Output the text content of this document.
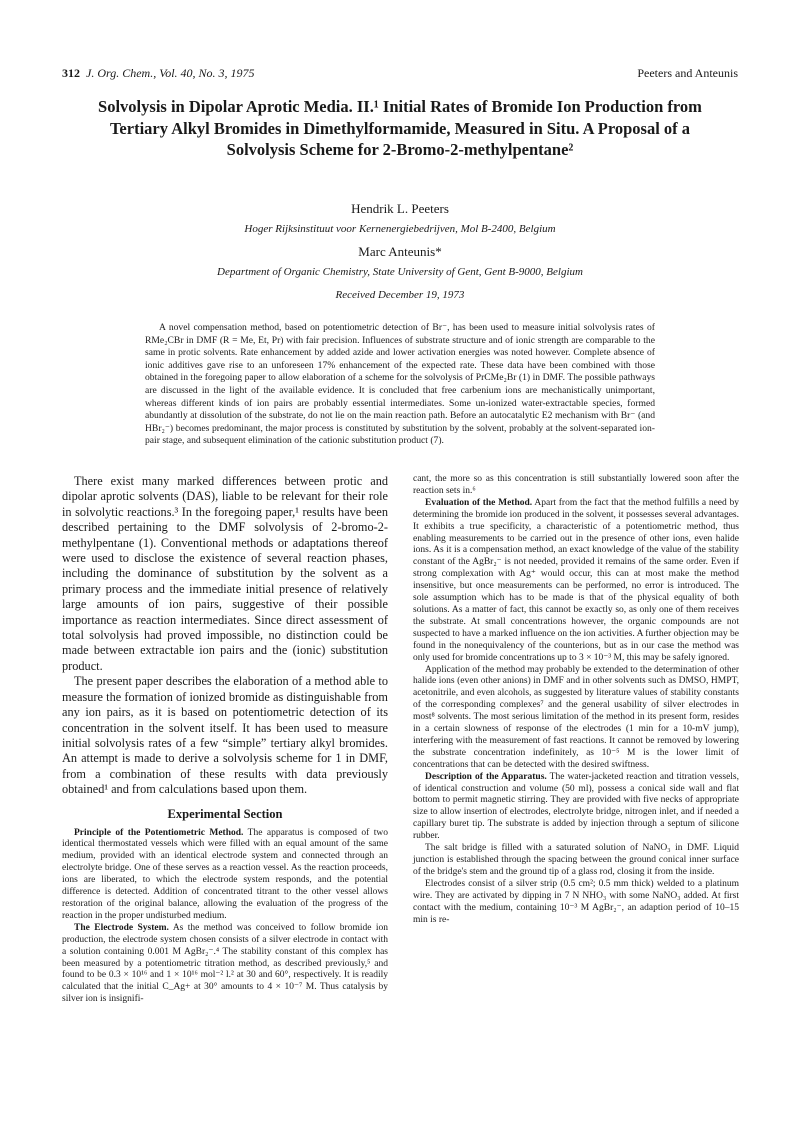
312 J. Org. Chem., Vol. 40, No. 3, 1975	Peeters and Anteunis
Solvolysis in Dipolar Aprotic Media. II.¹ Initial Rates of Bromide Ion Production from Tertiary Alkyl Bromides in Dimethylformamide, Measured in Situ. A Proposal of a Solvolysis Scheme for 2-Bromo-2-methylpentane²
Hendrik L. Peeters
Hoger Rijksinstituut voor Kernenergiebedrijven, Mol B-2400, Belgium
Marc Anteunis*
Department of Organic Chemistry, State University of Gent, Gent B-9000, Belgium
Received December 19, 1973

A novel compensation method, based on potentiometric detection of Br⁻, has been used to measure initial solvolysis rates of RMe₂CBr in DMF (R = Me, Et, Pr) with fair precision. Influences of substrate structure and of ionic strength are comparable to the same in protic solvents. Rate enhancement by added azide and lower activation energies was noted however. Complete absence of ionic additives gave rise to an unforeseen 17% enhancement of the expected rate. These data have been combined with those obtained in the foregoing paper to allow elaboration of a scheme for the solvolysis of PrCMe₂Br (1) in DMF. The possible pathways are discussed in the light of the available evidence. It is concluded that free carbenium ions are mechanistically unimportant, whereas different kinds of ion pairs are probably essential intermediates. Some un-ionized water-extractable species, formed abundantly at dissolution of the substrate, do not lie on the main reaction path. Before an autocatalytic E2 mechanism with Br⁻ (and HBr₂⁻) becomes predominant, the major process is constituted by substitution by the solvent, probably at the solvent-separated ion-pair stage, and subsequent elimination of the cationic substitution product (7).

There exist many marked differences between protic and dipolar aprotic solvents (DAS), liable to be relevant for their role in solvolytic reactions.³ In the foregoing paper,¹ results have been described pertaining to the DMF solvolysis of 2-bromo-2-methylpentane (1). Conventional methods or adaptations thereof were used to disclose the existence of several reaction phases, including the dominance of substitution by the solvent as a primary process and the immediate initial presence of relatively large amounts of ion pairs, suggestive of their possible importance as reaction intermediates. Since direct assessment of total solvolysis had proved impossible, no distinction could be made between extractable ion pairs and the (ionic) substitution product.

The present paper describes the elaboration of a method able to measure the formation of ionized bromide as distinguishable from any ion pairs, as it is based on potentiometric detection of its concentration in the solvent itself. It has been used to measure initial solvolysis rates of a few “simple” tertiary alkyl bromides. An attempt is made to derive a solvolysis scheme for 1 in DMF, from a combination of these results with data previously obtained¹ and from calculations based upon them.

Experimental Section

Principle of the Potentiometric Method. The apparatus is composed of two identical thermostated vessels which were filled with an equal amount of the same medium, provided with an identical electrode system and connected through an electrolyte bridge. One of these serves as a reaction vessel. As the reaction proceeds, ions are liberated, to which the electrode system responds, and the potential difference is detected. Addition of concentrated titrant to the other vessel allows restoration of the original balance, allowing the evaluation of the progress of the reaction in the proper undisturbed medium.

The Electrode System. As the method was conceived to follow bromide ion production, the electrode system chosen consists of a silver electrode in contact with a solution containing 0.001 M AgBr₂⁻.⁴ The stability constant of this complex has been measured by a potentiometric titration method, as described previously,⁵ and found to be 0.3 × 10¹⁶ and 1 × 10¹⁶ mol⁻² l.² at 30 and 60°, respectively. It is readily calculated that the initial C_Ag+ at 30° amounts to 4 × 10⁻⁷ M. Thus catalysis by silver ion is insignifi-

cant, the more so as this concentration is still substantially lowered soon after the reaction sets in.⁶

Evaluation of the Method. Apart from the fact that the method fulfills a need by determining the bromide ion produced in the solvent, it possesses several advantages. It exhibits a true specificity, a characteristic of a potentiometric method, thus enabling measurements to be carried out in the presence of other ions, even halide ions. As it is a compensation method, an exact knowledge of the value of the stability constant of the AgBr₂⁻ is not needed, provided it remains of the same order. Even if strong complexation with Ag⁺ would occur, this can at most make the method insensitive, but once measurements can be performed, no error is introduced. The sole assumption which has to be made is that of the physical equality of both solutions. As a matter of fact, this cannot be exactly so, as only one of them receives the substrate. At small concentrations however, the organic compounds are not suspected to have a marked influence on the ion activities. A further objection may be found in the nonequivalency of the counterions, but as in our case the method was only used for bromide concentrations up to 3 × 10⁻³ M, this may be safely ignored.

Application of the method may probably be extended to the determination of other halide ions (even other anions) in DMF and in other solvents such as DMSO, HMPT, acetonitrile, and even alcohols, as suggested by literature values of stability constants of the corresponding complexes⁷ and the general usability of silver electrodes in most⁸ solvents. The most serious limitation of the method in its present form, resides in a certain slowness of response of the electrodes (1 min for a 10-mV jump), interfering with the measurement of fast reactions. It cannot be removed by lowering the substrate concentration indefinitely, as 10⁻⁵ M is the lower limit of concentrations that can be detected with the desired swiftness.

Description of the Apparatus. The water-jacketed reaction and titration vessels, of identical construction and volume (50 ml), possess a conical side wall and flat bottom to permit magnetic stirring. They are provided with five necks of appropriate size to allow insertion of electrodes, electrolyte bridge, nitrogen inlet, and if needed a capillary buret tip. The substrate is added by injection through a septum of silicone rubber.

The salt bridge is filled with a saturated solution of NaNO₃ in DMF. Liquid junction is established through the spacing between the ground conical inner surface of the bridge's stem and the ground tip of a glass rod, closing it from the inside.

Electrodes consist of a silver strip (0.5 cm²; 0.5 mm thick) welded to a platinum wire. They are activated by dipping in 7 N NHO₃ with some NaNO₃ added. At first contact with the medium, containing 10⁻³ M AgBr₂⁻, an adaption period of 10–15 min is re-
